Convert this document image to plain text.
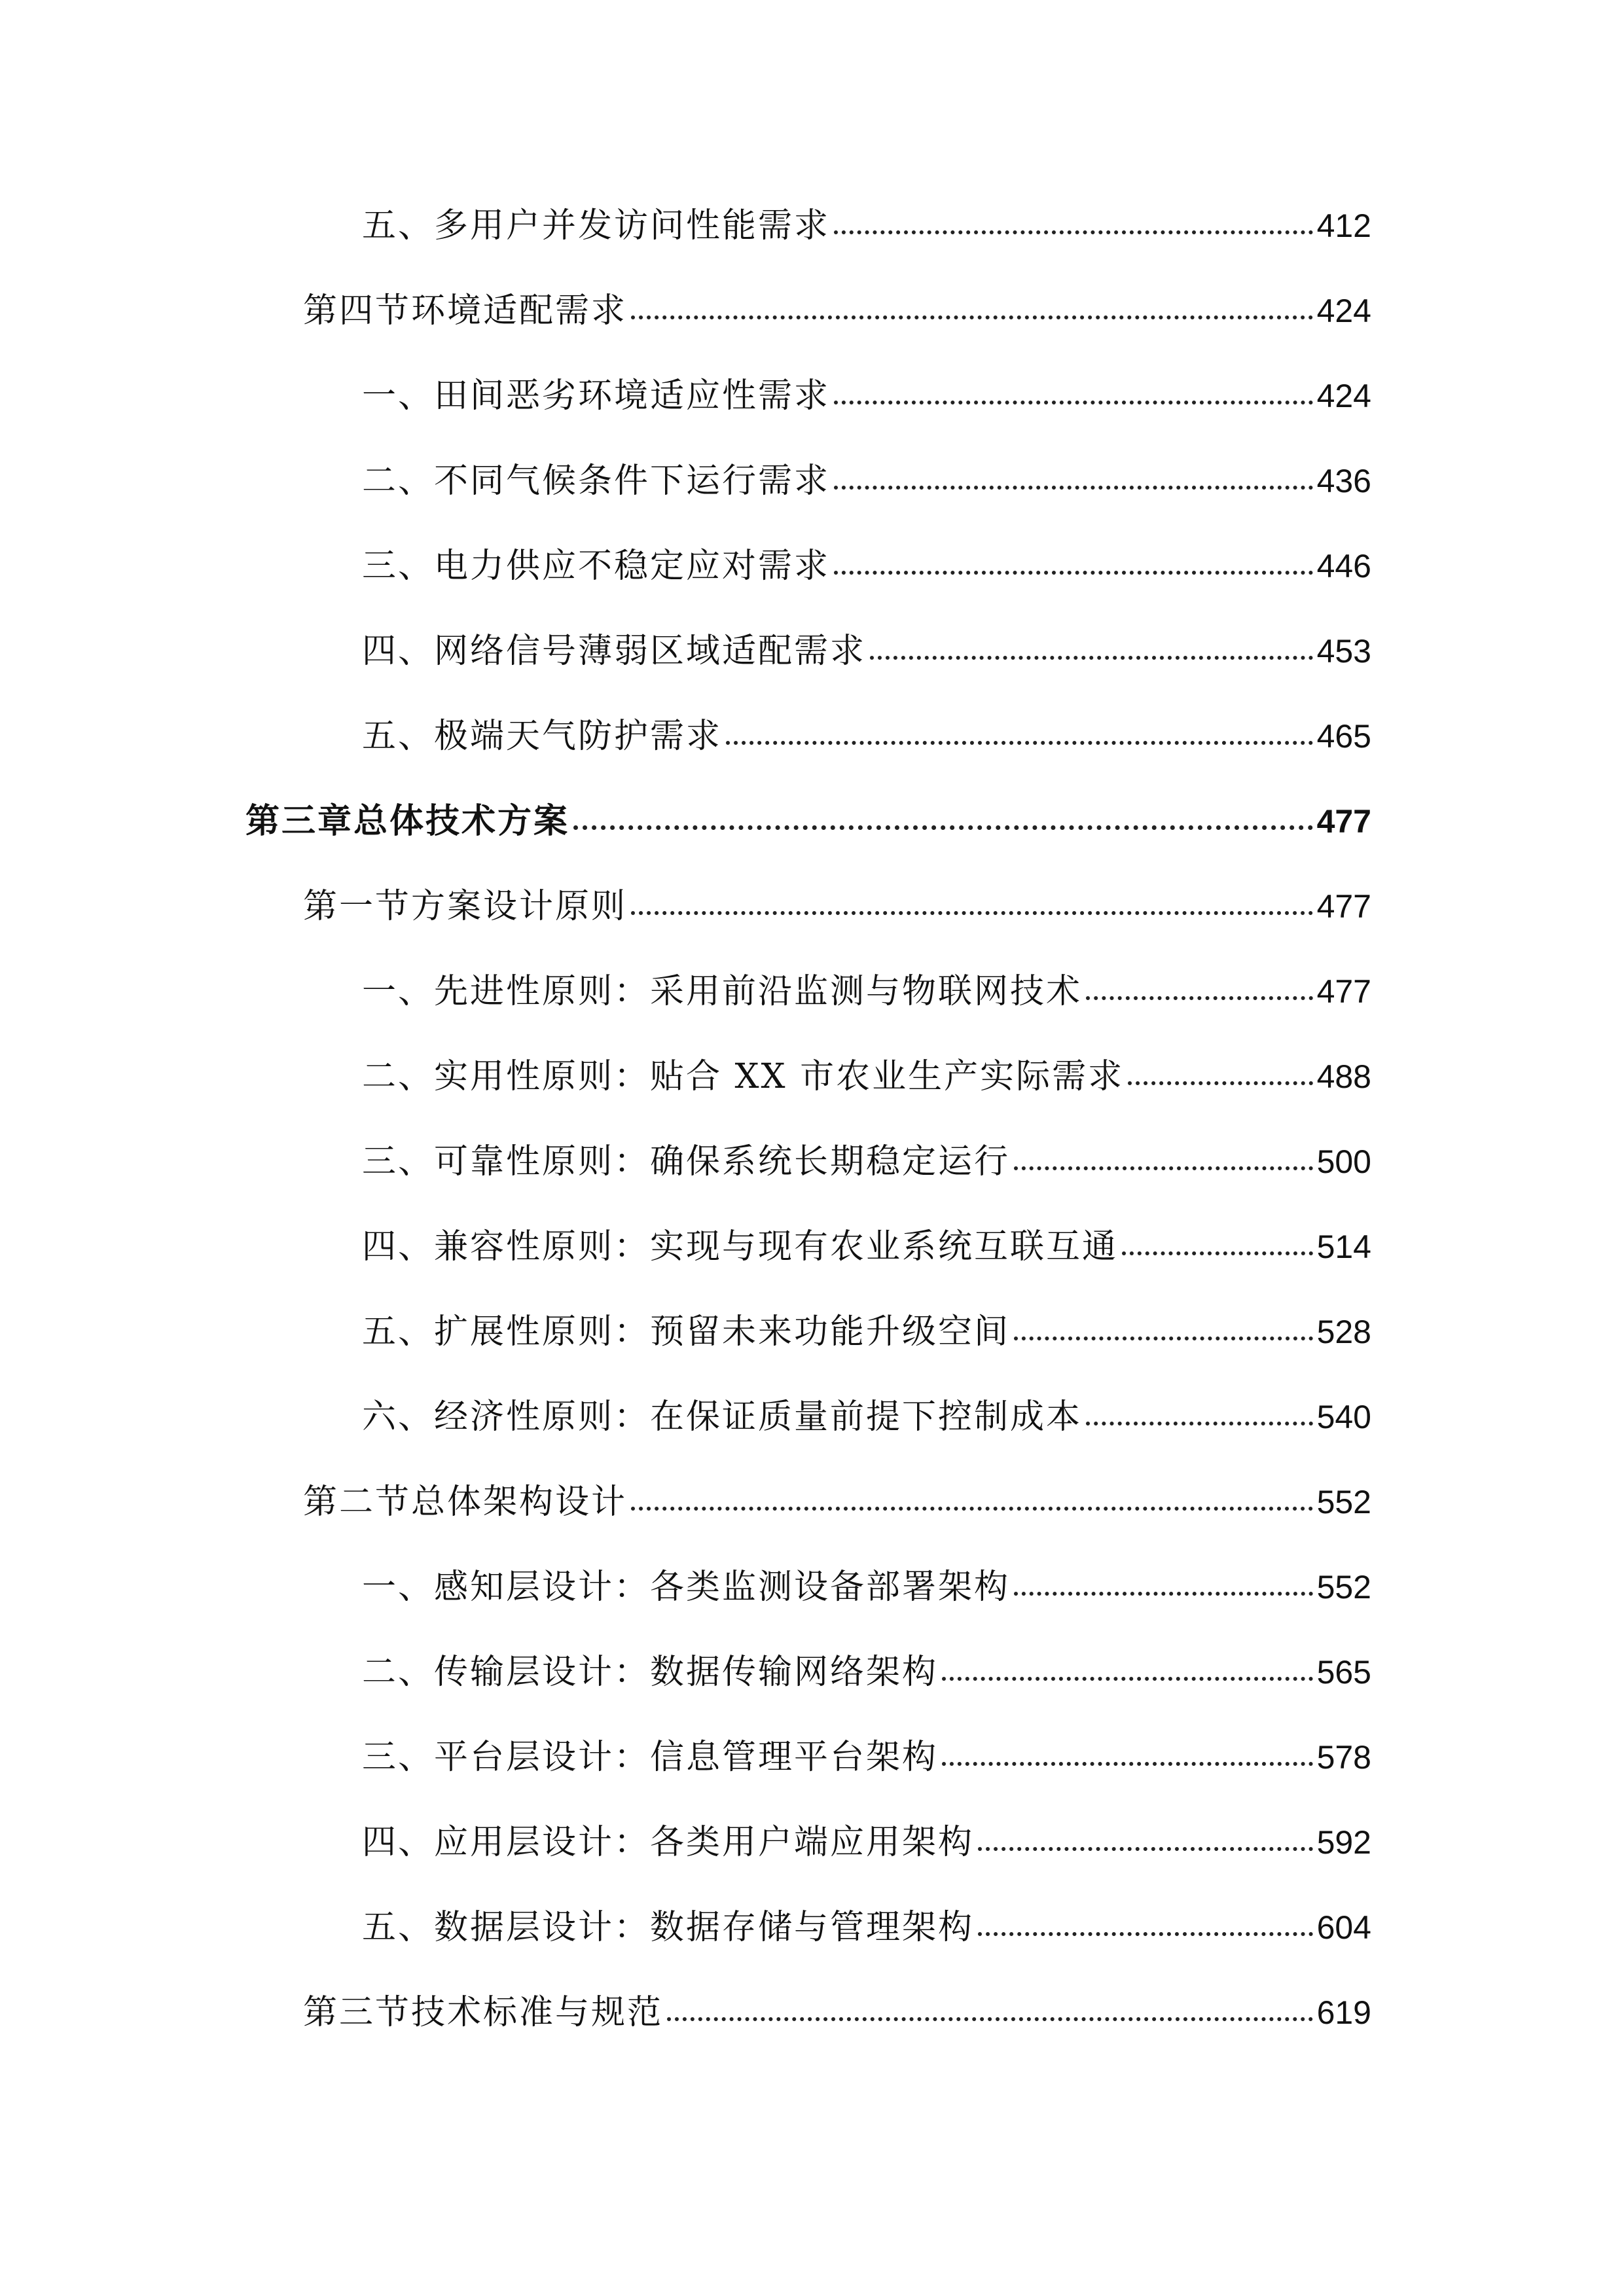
五、多用户并发访问性能需求	412
第四节环境适配需求	424
一、田间恶劣环境适应性需求	424
二、不同气候条件下运行需求	436
三、电力供应不稳定应对需求	446
四、网络信号薄弱区域适配需求	453
五、极端天气防护需求	465
第三章总体技术方案	477
第一节方案设计原则	477
一、先进性原则：采用前沿监测与物联网技术	477
二、实用性原则：贴合 XX 市农业生产实际需求	488
三、可靠性原则：确保系统长期稳定运行	500
四、兼容性原则：实现与现有农业系统互联互通	514
五、扩展性原则：预留未来功能升级空间	528
六、经济性原则：在保证质量前提下控制成本	540
第二节总体架构设计	552
一、感知层设计：各类监测设备部署架构	552
二、传输层设计：数据传输网络架构	565
三、平台层设计：信息管理平台架构	578
四、应用层设计：各类用户端应用架构	592
五、数据层设计：数据存储与管理架构	604
第三节技术标准与规范	619
